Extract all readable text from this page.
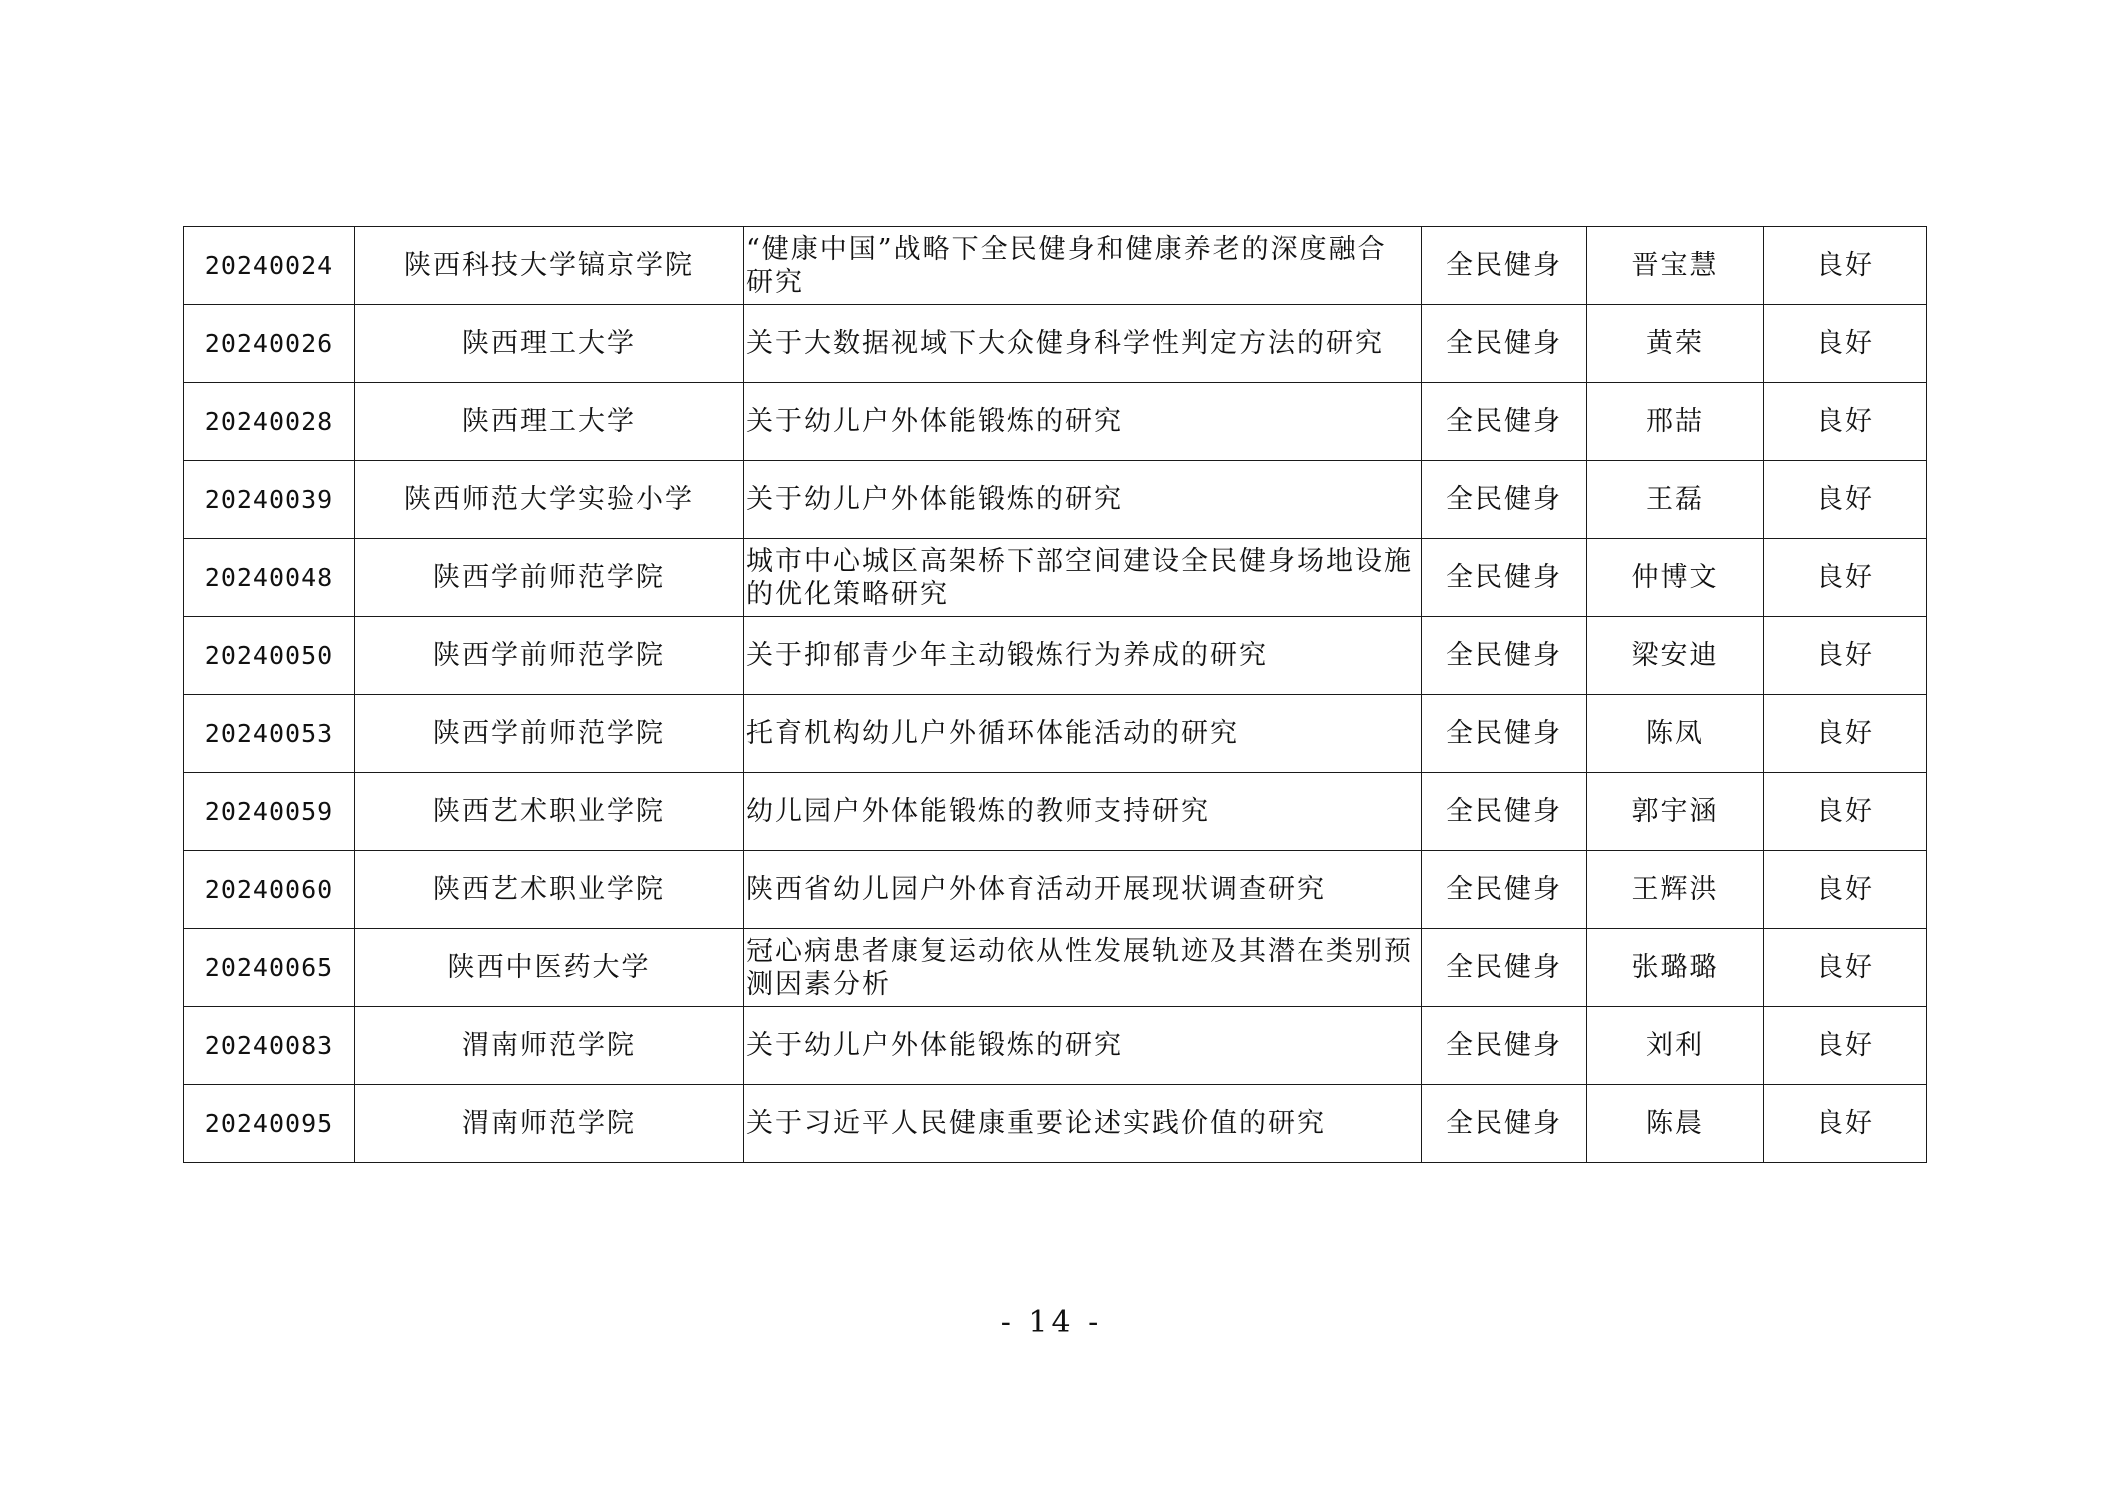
20240024	陕西科技大学镐京学院	“健康中国”战略下全民健身和健康养老的深度融合研究	全民健身	晋宝慧	良好
20240026	陕西理工大学	关于大数据视域下大众健身科学性判定方法的研究	全民健身	黄荣	良好
20240028	陕西理工大学	关于幼儿户外体能锻炼的研究	全民健身	邢喆	良好
20240039	陕西师范大学实验小学	关于幼儿户外体能锻炼的研究	全民健身	王磊	良好
20240048	陕西学前师范学院	城市中心城区高架桥下部空间建设全民健身场地设施的优化策略研究	全民健身	仲博文	良好
20240050	陕西学前师范学院	关于抑郁青少年主动锻炼行为养成的研究	全民健身	梁安迪	良好
20240053	陕西学前师范学院	托育机构幼儿户外循环体能活动的研究	全民健身	陈凤	良好
20240059	陕西艺术职业学院	幼儿园户外体能锻炼的教师支持研究	全民健身	郭宇涵	良好
20240060	陕西艺术职业学院	陕西省幼儿园户外体育活动开展现状调查研究	全民健身	王辉洪	良好
20240065	陕西中医药大学	冠心病患者康复运动依从性发展轨迹及其潜在类别预测因素分析	全民健身	张璐璐	良好
20240083	渭南师范学院	关于幼儿户外体能锻炼的研究	全民健身	刘利	良好
20240095	渭南师范学院	关于习近平人民健康重要论述实践价值的研究	全民健身	陈晨	良好
- 14 -
